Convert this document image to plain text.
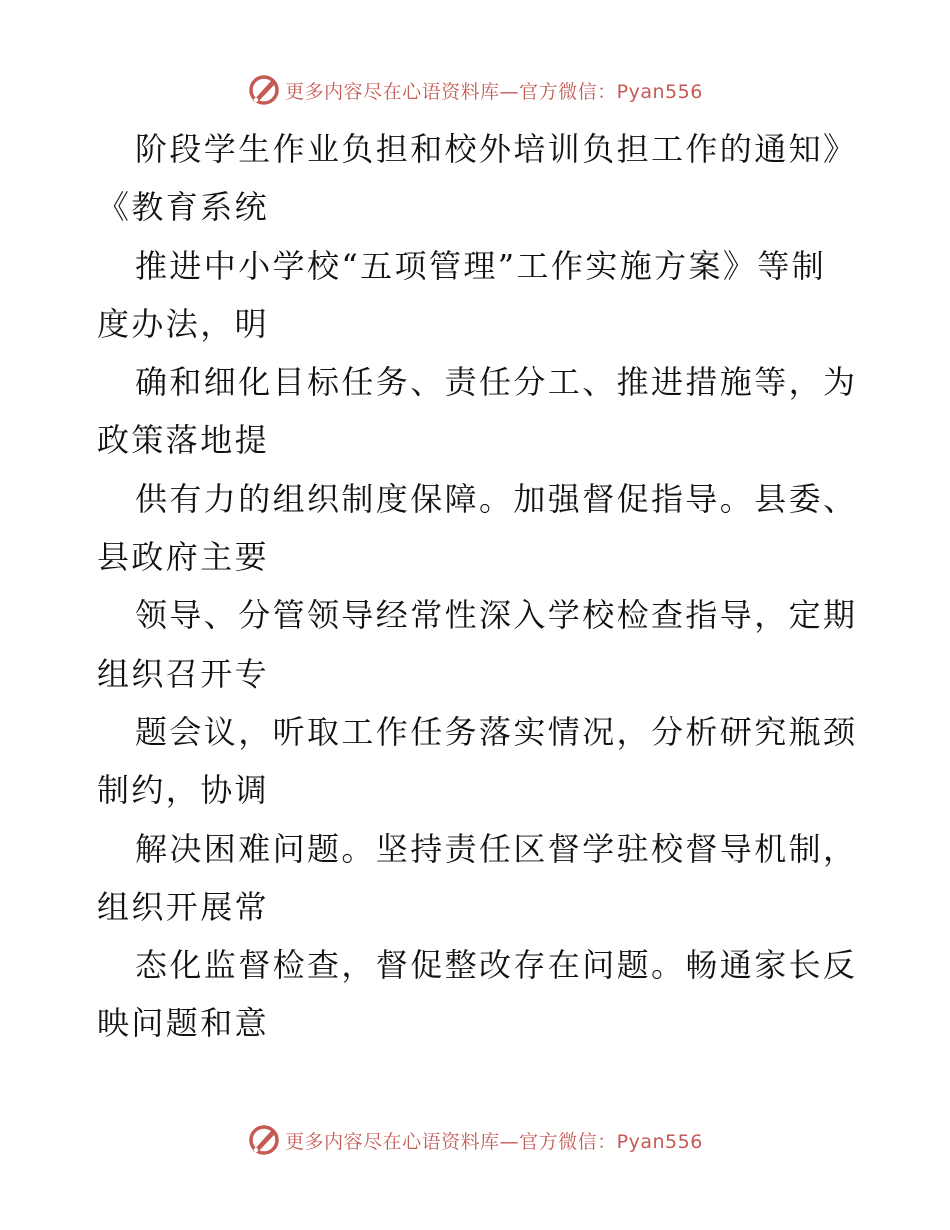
更多内容尽在心语资料库—官方微信：Pyan556
阶段学生作业负担和校外培训负担工作的通知》
《教育系统
推进中小学校“五项管理”工作实施方案》等制
度办法，明
确和细化目标任务、责任分工、推进措施等，为
政策落地提
供有力的组织制度保障。加强督促指导。县委、
县政府主要
领导、分管领导经常性深入学校检查指导，定期
组织召开专
题会议，听取工作任务落实情况，分析研究瓶颈
制约，协调
解决困难问题。坚持责任区督学驻校督导机制，
组织开展常
态化监督检查，督促整改存在问题。畅通家长反
映问题和意
更多内容尽在心语资料库—官方微信：Pyan556
